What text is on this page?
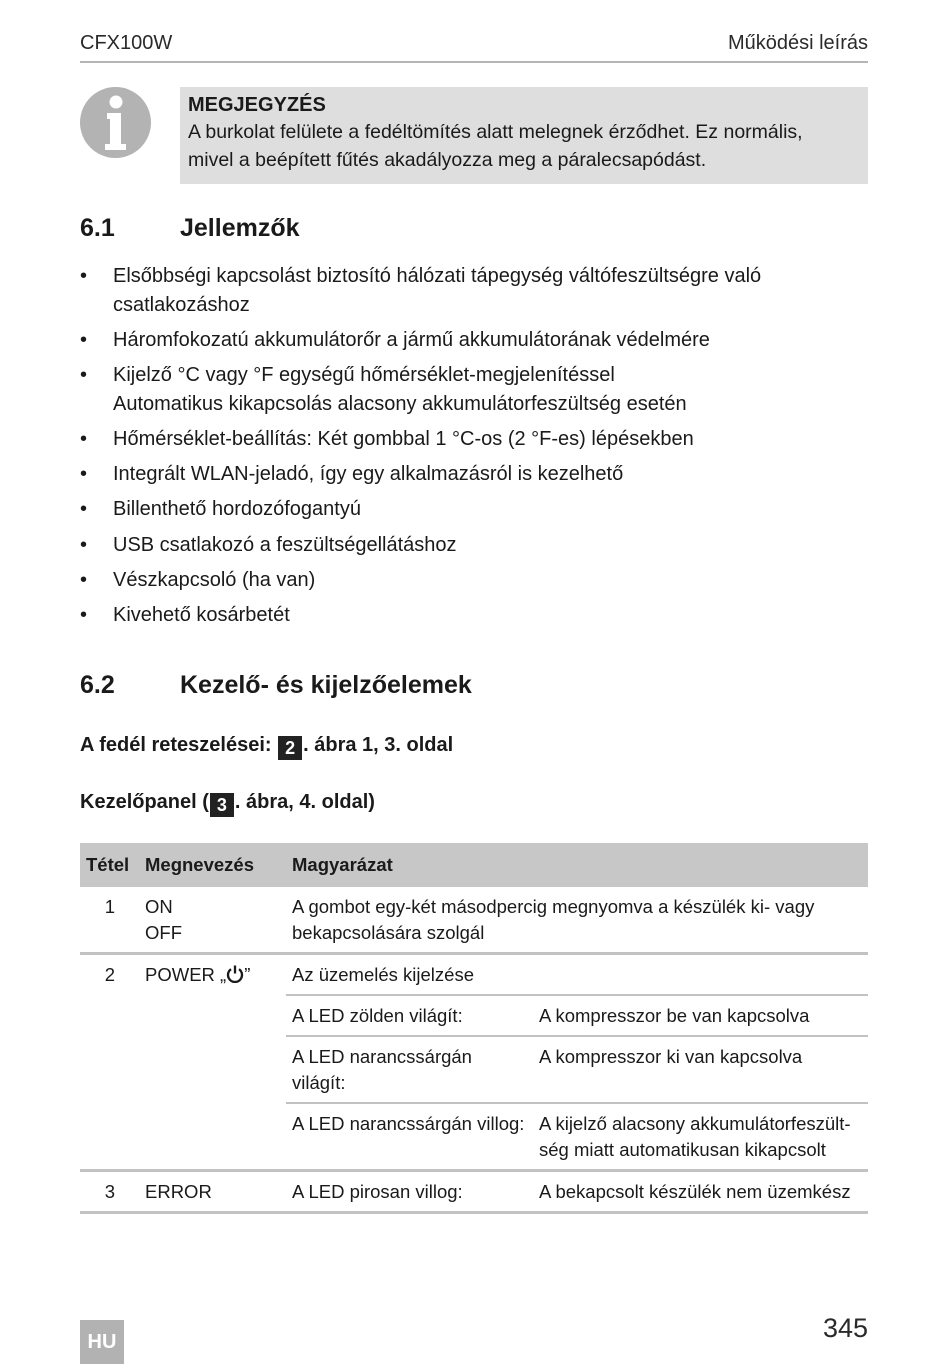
CFX100W	Működési leírás
MEGJEGYZÉS
A burkolat felülete a fedéltömítés alatt melegnek érződhet. Ez normális,
mivel a beépített fűtés akadályozza meg a páralecsapódást.
6.1	Jellemzők
• Elsőbbségi kapcsolást biztosító hálózati tápegység váltófeszültségre való
csatlakozáshoz
• Háromfokozatú akkumulátorőr a jármű akkumulátorának védelmére
• Kijelző °C vagy °F egységű hőmérséklet-megjelenítéssel
Automatikus kikapcsolás alacsony akkumulátorfeszültség esetén
• Hőmérséklet-beállítás: Két gombbal 1 °C-os (2 °F-es) lépésekben
• Integrált WLAN-jeladó, így egy alkalmazásról is kezelhető
• Billenthető hordozófogantyú
• USB csatlakozó a feszültségellátáshoz
• Vészkapcsoló (ha van)
• Kivehető kosárbetét
6.2	Kezelő- és kijelzőelemek
A fedél reteszelései: 2 . ábra 1, 3. oldal
Kezelőpanel ( 3 . ábra, 4. oldal)
Tétel	Megnevezés	Magyarázat	
1	ON
OFF	A gombot egy-két másodpercig megnyomva a készülék ki- vagy bekapcsolására szolgál	
2	POWER „ ”	Az üzemelés kijelzése	
		A LED zölden világít:	A kompresszor be van kapcsolva
		A LED narancssárgán világít:	A kompresszor ki van kapcsolva
		A LED narancssárgán villog:	A kijelző alacsony akkumulátorfeszült-ség miatt automatikusan kikapcsolt
3	ERROR	A LED pirosan villog:	A bekapcsolt készülék nem üzemkész
HU	345
